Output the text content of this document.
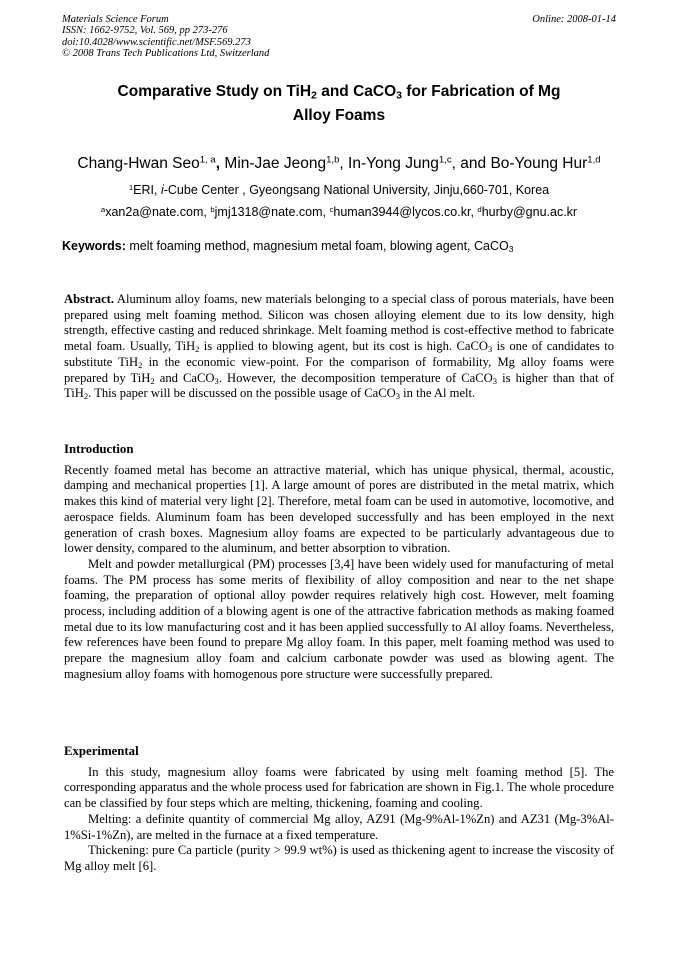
Materials Science Forum
ISSN: 1662-9752, Vol. 569, pp 273-276
doi:10.4028/www.scientific.net/MSF.569.273
© 2008 Trans Tech Publications Ltd, Switzerland
Online: 2008-01-14
Comparative Study on TiH$_2$ and CaCO$_3$ for Fabrication of Mg
Alloy Foams
Chang-Hwan Seo$^{1, a}$, Min-Jae Jeong$^{1,b}$, In-Yong Jung$^{1,c}$, and Bo-Young Hur$^{1,d}$
$^1$ERI, i-Cube Center , Gyeongsang National University, Jinju,660-701, Korea
$^a$xan2a@nate.com, $^b$jmj1318@nate.com, $^c$human3944@lycos.co.kr, $^d$hurby@gnu.ac.kr
Keywords: melt foaming method, magnesium metal foam, blowing agent, CaCO$_3$

Abstract. Aluminum alloy foams, new materials belonging to a special class of porous materials, have been prepared using melt foaming method. Silicon was chosen alloying element due to its low density, high strength, effective casting and reduced shrinkage. Melt foaming method is cost-effective method to fabricate metal foam. Usually, TiH$_2$ is applied to blowing agent, but its cost is high. CaCO$_3$ is one of candidates to substitute TiH$_2$ in the economic view-point. For the comparison of formability, Mg alloy foams were prepared by TiH$_2$ and CaCO$_3$. However, the decomposition temperature of CaCO$_3$ is higher than that of TiH$_2$. This paper will be discussed on the possible usage of CaCO$_3$ in the Al melt.

Introduction

Recently foamed metal has become an attractive material, which has unique physical, thermal, acoustic, damping and mechanical properties [1]. A large amount of pores are distributed in the metal matrix, which makes this kind of material very light [2]. Therefore, metal foam can be used in automotive, locomotive, and aerospace fields. Aluminum foam has been developed successfully and has been employed in the next generation of crash boxes. Magnesium alloy foams are expected to be particularly advantageous due to lower density, compared to the aluminum, and better absorption to vibration.

Melt and powder metallurgical (PM) processes [3,4] have been widely used for manufacturing of metal foams. The PM process has some merits of flexibility of alloy composition and near to the net shape foaming, the preparation of optional alloy powder requires relatively high cost. However, melt foaming process, including addition of a blowing agent is one of the attractive fabrication methods as making foamed metal due to its low manufacturing cost and it has been applied successfully to Al alloy foams. Nevertheless, few references have been found to prepare Mg alloy foam. In this paper, melt foaming method was used to prepare the magnesium alloy foam and calcium carbonate powder was used as blowing agent. The magnesium alloy foams with homogenous pore structure were successfully prepared.

Experimental

In this study, magnesium alloy foams were fabricated by using melt foaming method [5]. The corresponding apparatus and the whole process used for fabrication are shown in Fig.1. The whole procedure can be classified by four steps which are melting, thickening, foaming and cooling.

Melting: a definite quantity of commercial Mg alloy, AZ91 (Mg-9%Al-1%Zn) and AZ31 (Mg-3%Al-1%Si-1%Zn), are melted in the furnace at a fixed temperature.

Thickening: pure Ca particle (purity > 99.9 wt%) is used as thickening agent to increase the viscosity of Mg alloy melt [6].
